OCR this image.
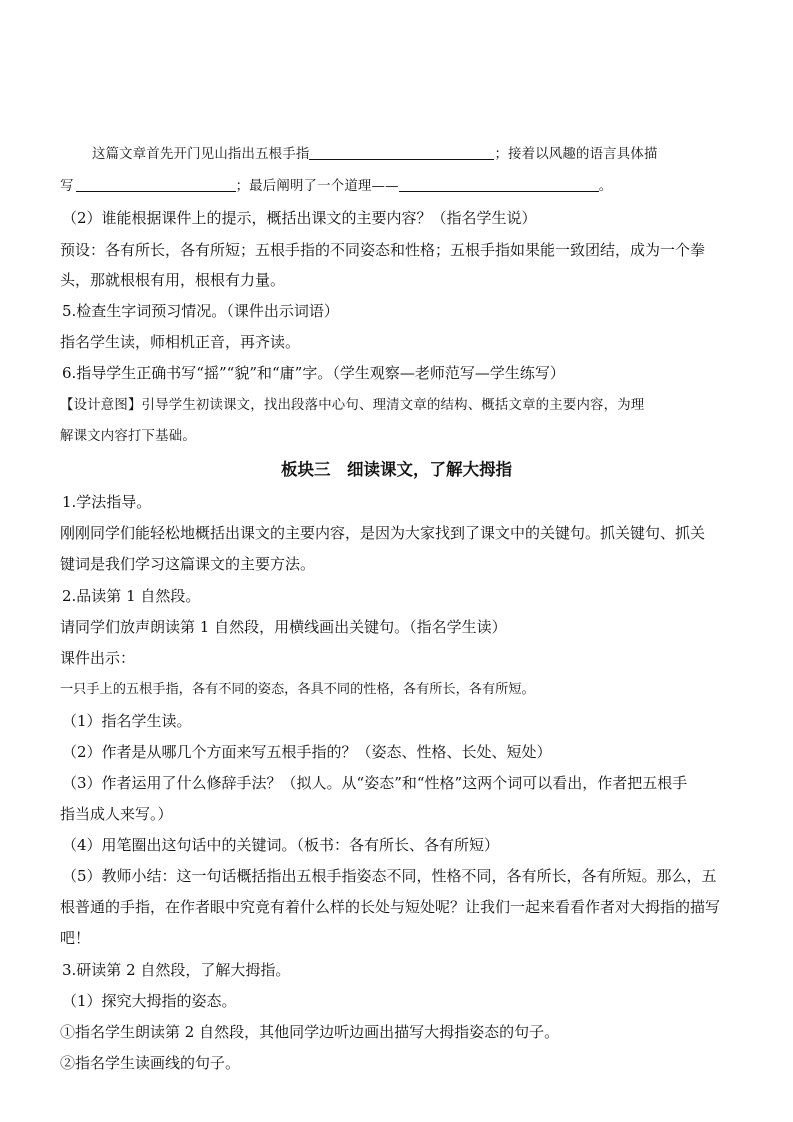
这篇文章首先开门见山指出五根手指	；接着以风趣的语言具体描
写	；最后阐明了一个道理——	。
（2）谁能根据课件上的提示，概括出课文的主要内容？（指名学生说）
预设：各有所长，各有所短；五根手指的不同姿态和性格；五根手指如果能一致团结，成为一个拳
头，那就根根有用，根根有力量。
5.检查生字词预习情况。（课件出示词语）
指名学生读，师相机正音，再齐读。
6.指导学生正确书写“摇”“貌”和“庸”字。（学生观察—老师范写—学生练写）
【设计意图】引导学生初读课文，找出段落中心句、理清文章的结构、概括文章的主要内容，为理
解课文内容打下基础。
板块三　细读课文，了解大拇指
1.学法指导。
刚刚同学们能轻松地概括出课文的主要内容，是因为大家找到了课文中的关键句。抓关键句、抓关
键词是我们学习这篇课文的主要方法。
2.品读第 1 自然段。
请同学们放声朗读第 1 自然段，用横线画出关键句。（指名学生读）
课件出示：
一只手上的五根手指，各有不同的姿态，各具不同的性格，各有所长，各有所短。
（1）指名学生读。
（2）作者是从哪几个方面来写五根手指的？（姿态、性格、长处、短处）
（3）作者运用了什么修辞手法？（拟人。从“姿态”和“性格”这两个词可以看出，作者把五根手
指当成人来写。）
（4）用笔圈出这句话中的关键词。（板书：各有所长、各有所短）
（5）教师小结：这一句话概括指出五根手指姿态不同，性格不同，各有所长，各有所短。那么，五
根普通的手指，在作者眼中究竟有着什么样的长处与短处呢？让我们一起来看看作者对大拇指的描写
吧！
3.研读第 2 自然段，了解大拇指。
（1）探究大拇指的姿态。
①指名学生朗读第 2 自然段，其他同学边听边画出描写大拇指姿态的句子。
②指名学生读画线的句子。
